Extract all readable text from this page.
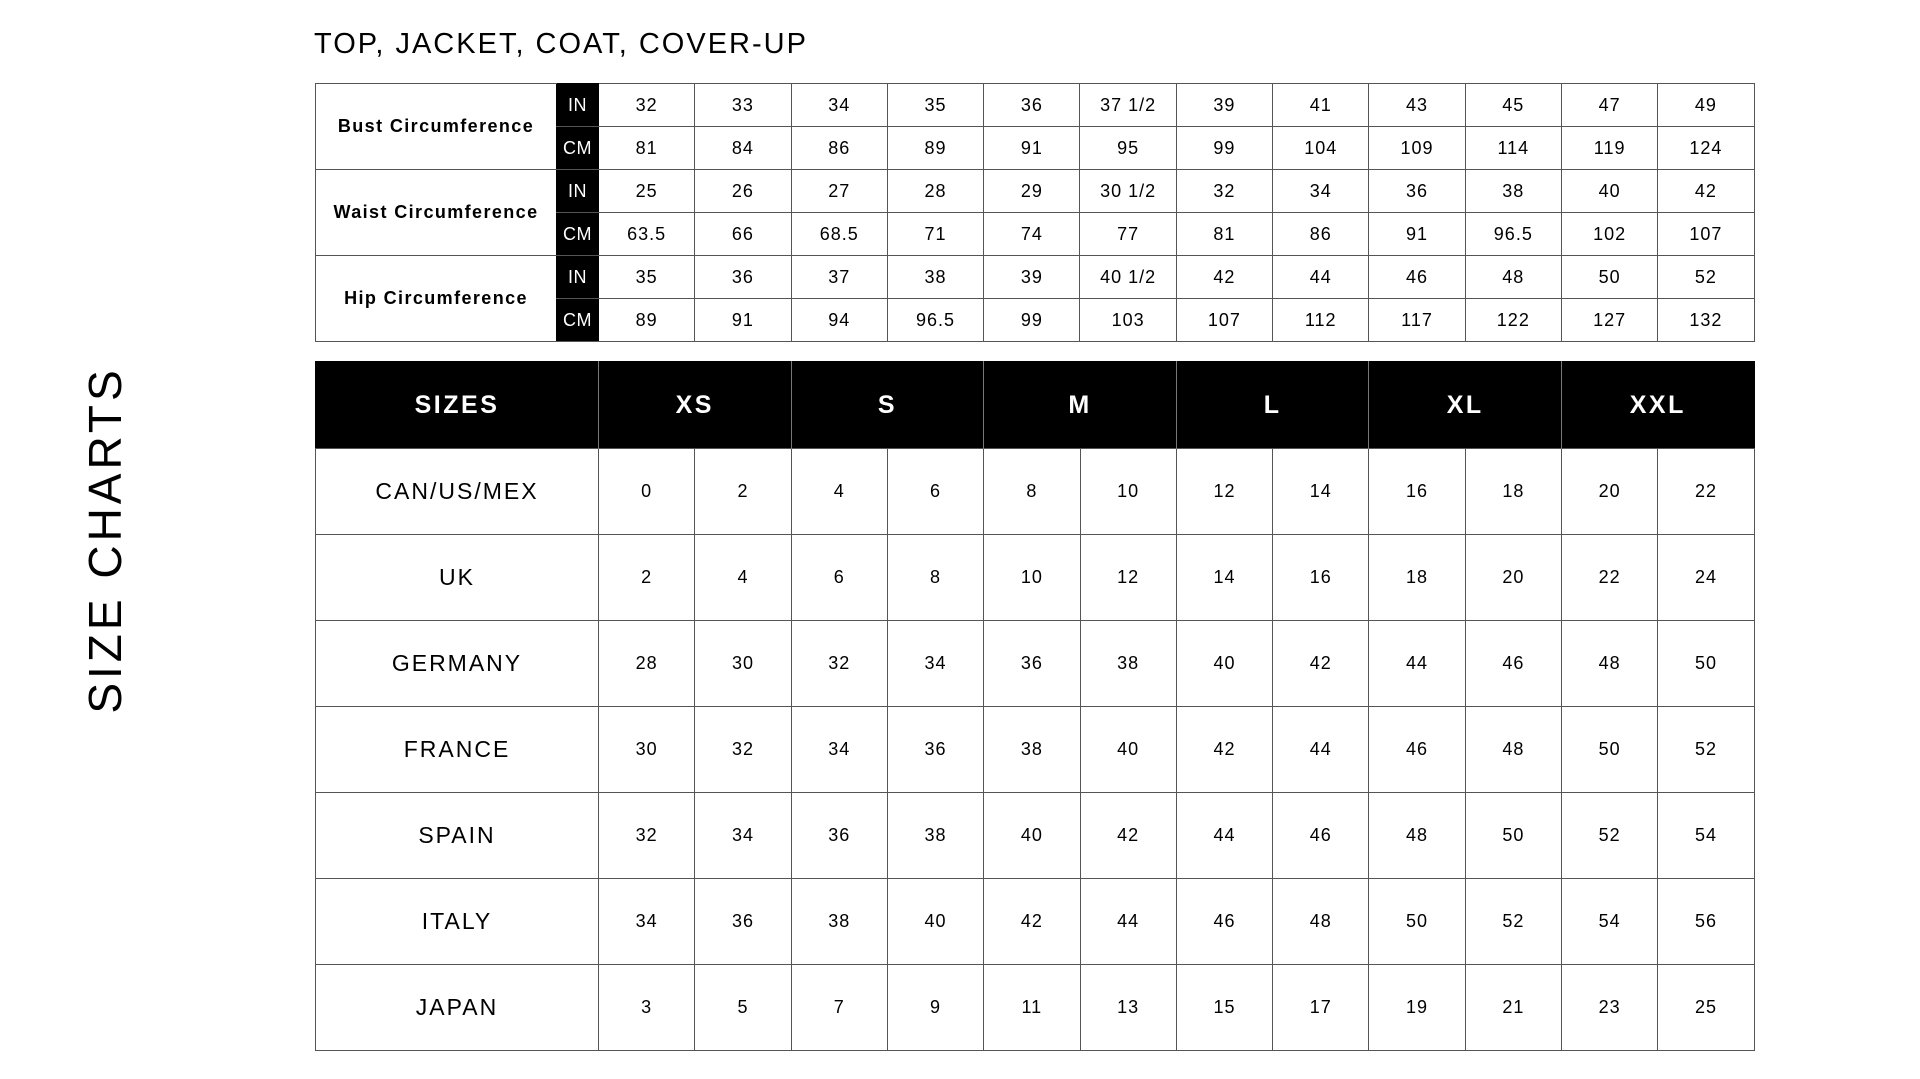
SIZE CHARTS
TOP, JACKET, COAT, COVER-UP
Bust Circumference	IN	32	33	34	35	36	37 1/2	39	41	43	45	47	49
	CM	81	84	86	89	91	95	99	104	109	114	119	124
Waist Circumference	IN	25	26	27	28	29	30 1/2	32	34	36	38	40	42
	CM	63.5	66	68.5	71	74	77	81	86	91	96.5	102	107
Hip Circumference	IN	35	36	37	38	39	40 1/2	42	44	46	48	50	52
	CM	89	91	94	96.5	99	103	107	112	117	122	127	132
SIZES	XS		S		M		L		XL		XXL	
CAN/US/MEX	0	2	4	6	8	10	12	14	16	18	20	22
UK	2	4	6	8	10	12	14	16	18	20	22	24
GERMANY	28	30	32	34	36	38	40	42	44	46	48	50
FRANCE	30	32	34	36	38	40	42	44	46	48	50	52
SPAIN	32	34	36	38	40	42	44	46	48	50	52	54
ITALY	34	36	38	40	42	44	46	48	50	52	54	56
JAPAN	3	5	7	9	11	13	15	17	19	21	23	25
